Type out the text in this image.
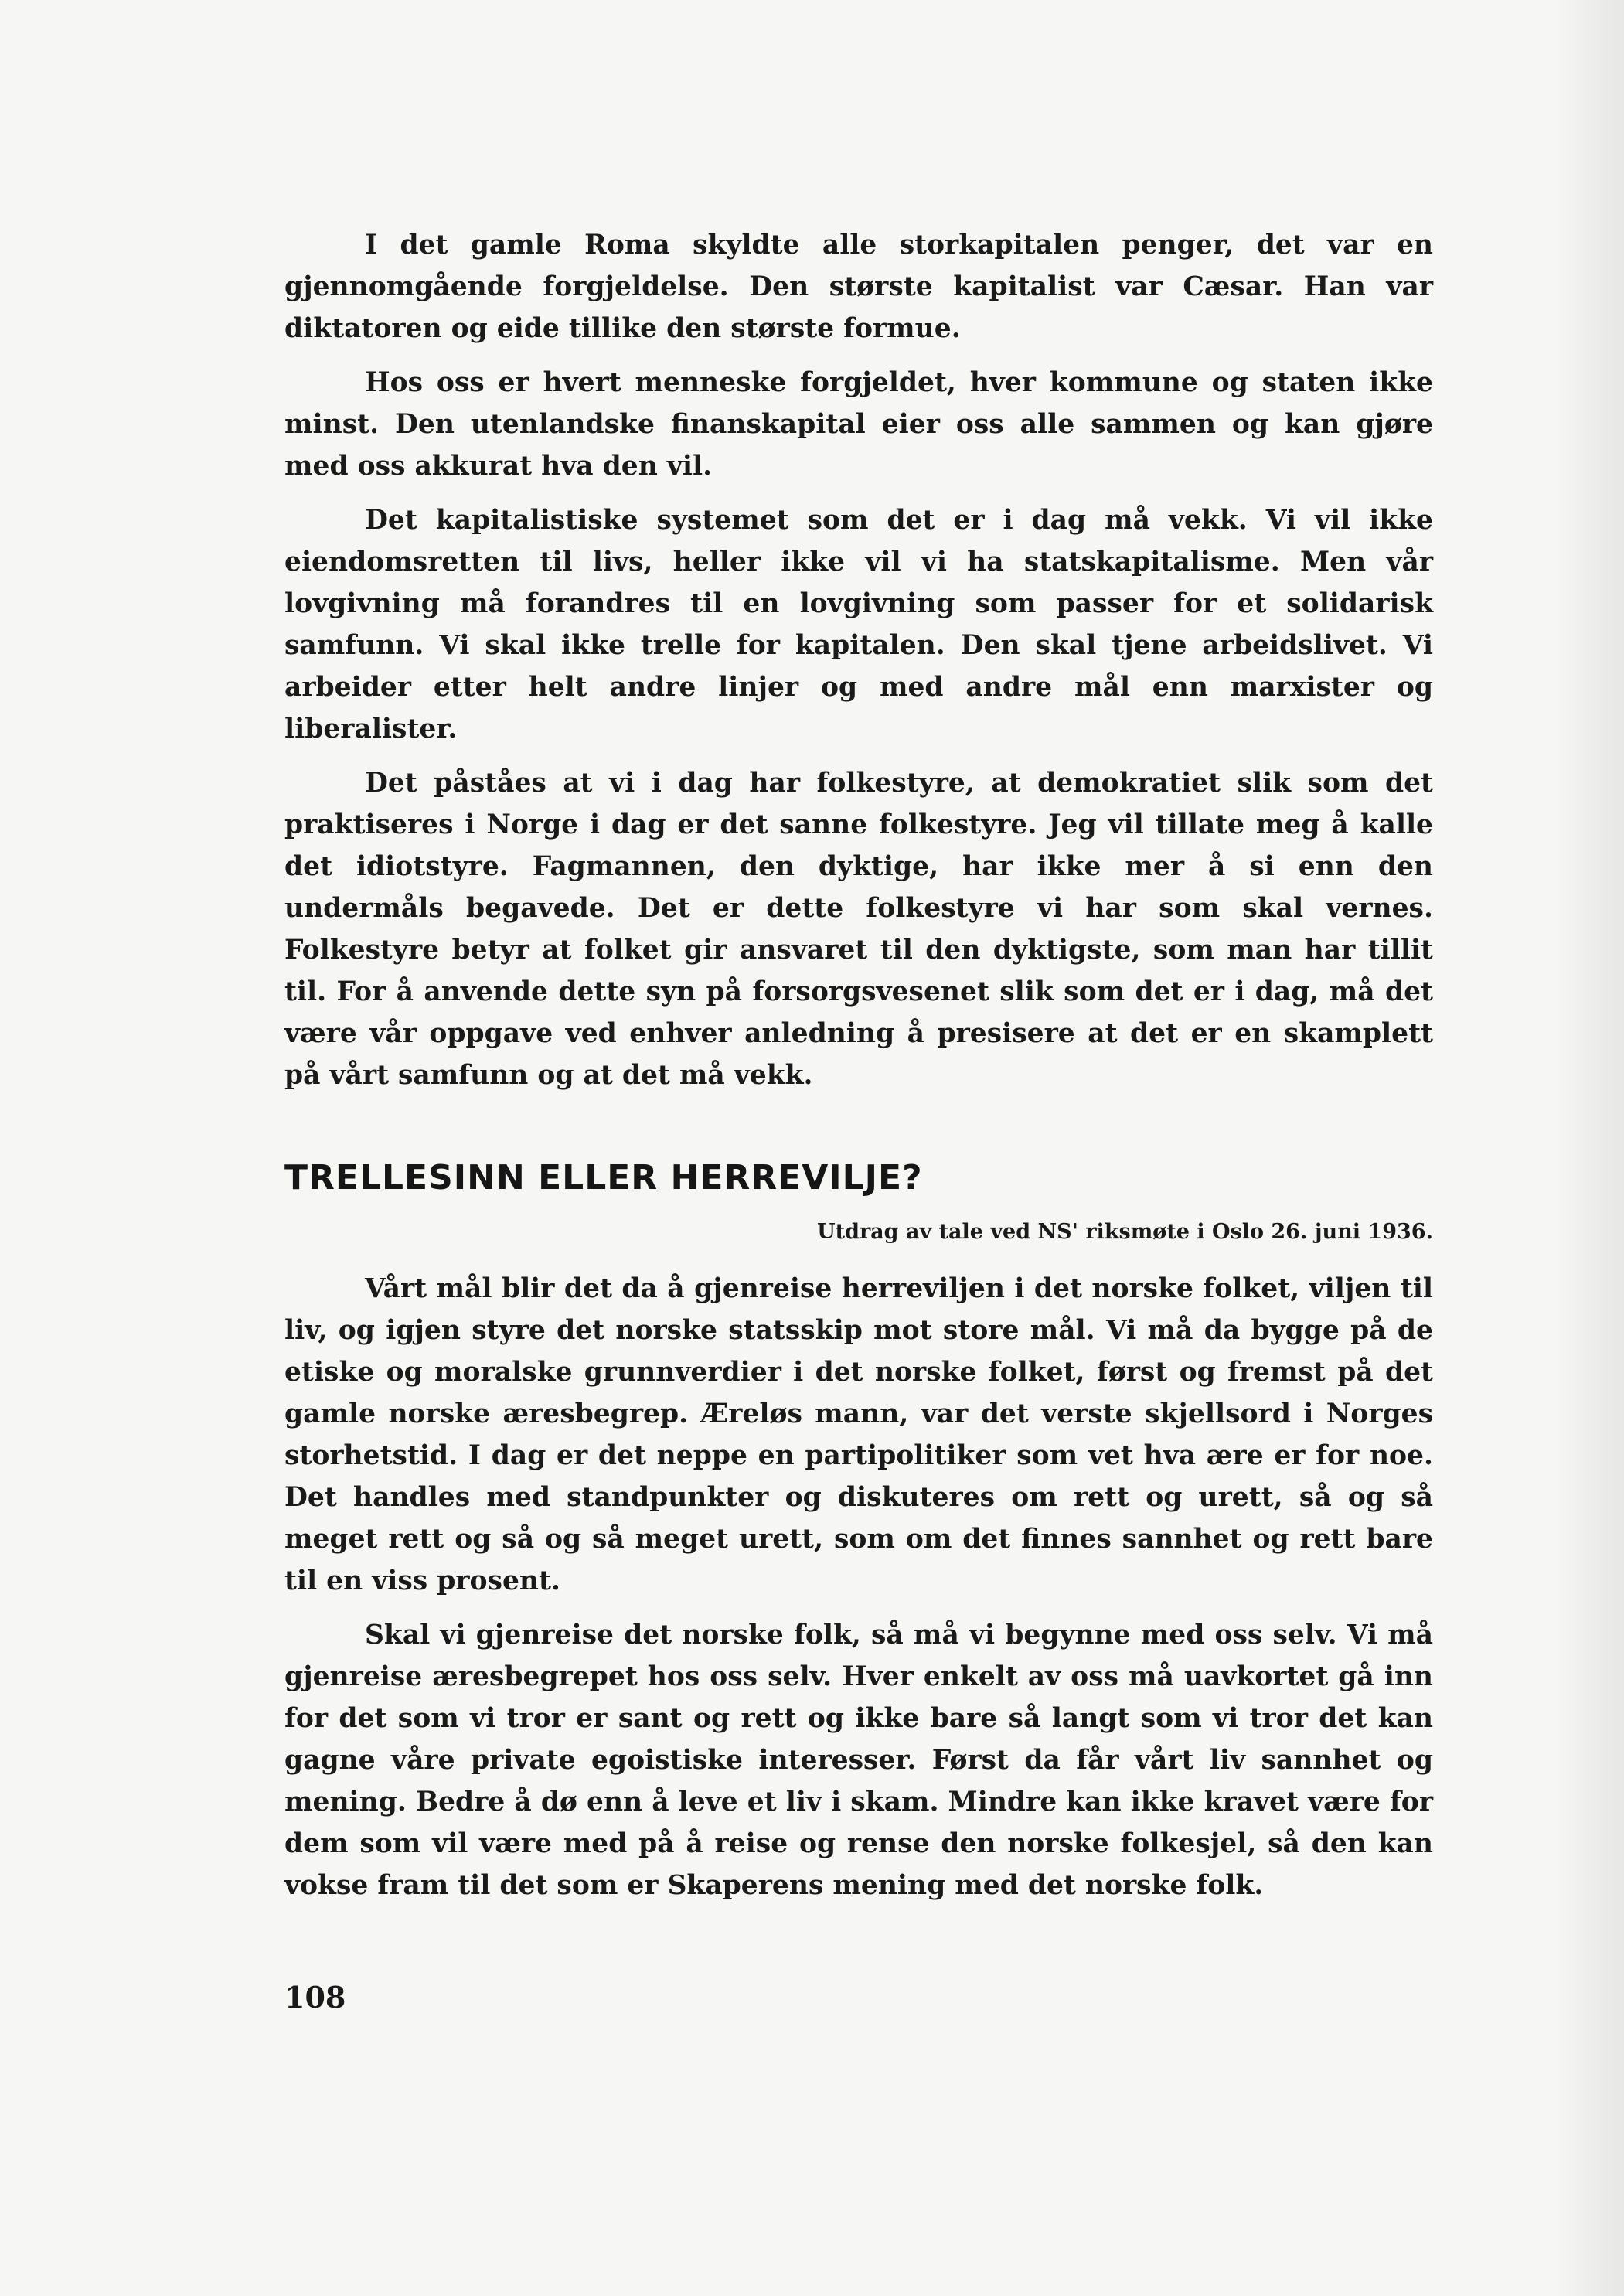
I det gamle Roma skyldte alle storkapitalen penger, det var en gjennomgående forgjeldelse. Den største kapitalist var Cæsar. Han var diktatoren og eide tillike den største formue.

Hos oss er hvert menneske forgjeldet, hver kommune og staten ikke minst. Den utenlandske finanskapital eier oss alle sammen og kan gjøre med oss akkurat hva den vil.

Det kapitalistiske systemet som det er i dag må vekk. Vi vil ikke eiendomsretten til livs, heller ikke vil vi ha statskapitalisme. Men vår lovgivning må forandres til en lovgivning som passer for et solidarisk samfunn. Vi skal ikke trelle for kapitalen. Den skal tjene arbeidslivet. Vi arbeider etter helt andre linjer og med andre mål enn marxister og liberalister.

Det påståes at vi i dag har folkestyre, at demokratiet slik som det praktiseres i Norge i dag er det sanne folkestyre. Jeg vil tillate meg å kalle det idiotstyre. Fagmannen, den dyktige, har ikke mer å si enn den undermåls begavede. Det er dette folkestyre vi har som skal vernes. Folkestyre betyr at folket gir ansvaret til den dyktigste, som man har tillit til. For å anvende dette syn på forsorgsvesenet slik som det er i dag, må det være vår oppgave ved enhver anledning å presisere at det er en skamplett på vårt samfunn og at det må vekk.

TRELLESINN ELLER HERREVILJE?

Utdrag av tale ved NS' riksmøte i Oslo 26. juni 1936.

Vårt mål blir det da å gjenreise herreviljen i det norske folket, viljen til liv, og igjen styre det norske statsskip mot store mål. Vi må da bygge på de etiske og moralske grunnverdier i det norske folket, først og fremst på det gamle norske æresbegrep. Æreløs mann, var det verste skjellsord i Norges storhetstid. I dag er det neppe en partipolitiker som vet hva ære er for noe. Det handles med standpunkter og diskuteres om rett og urett, så og så meget rett og så og så meget urett, som om det finnes sannhet og rett bare til en viss prosent.

Skal vi gjenreise det norske folk, så må vi begynne med oss selv. Vi må gjenreise æresbegrepet hos oss selv. Hver enkelt av oss må uavkortet gå inn for det som vi tror er sant og rett og ikke bare så langt som vi tror det kan gagne våre private egoistiske interesser. Først da får vårt liv sannhet og mening. Bedre å dø enn å leve et liv i skam. Mindre kan ikke kravet være for dem som vil være med på å reise og rense den norske folkesjel, så den kan vokse fram til det som er Skaperens mening med det norske folk.

108
